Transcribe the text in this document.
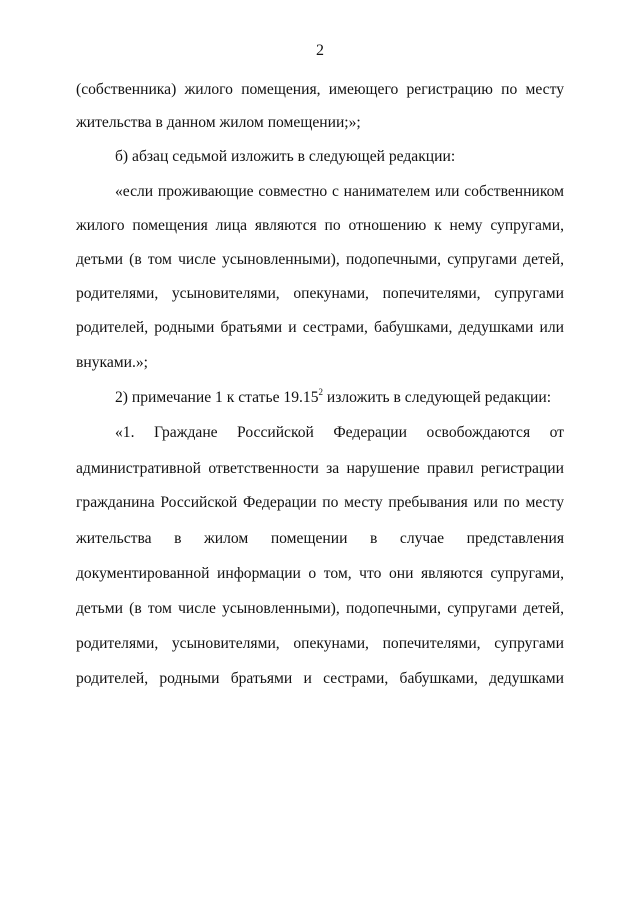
2
(собственника) жилого помещения, имеющего регистрацию по месту
жительства в данном жилом помещении;»;
б) абзац седьмой изложить в следующей редакции:
«если проживающие совместно с нанимателем или собственником
жилого помещения лица являются по отношению к нему супругами,
детьми (в том числе усыновленными), подопечными, супругами детей,
родителями, усыновителями, опекунами, попечителями, супругами
родителей, родными братьями и сестрами, бабушками, дедушками или
внуками.»;
2) примечание 1 к статье 19.15$^2$ изложить в следующей редакции:
«1. Граждане Российской Федерации освобождаются от
административной ответственности за нарушение правил регистрации
гражданина Российской Федерации по месту пребывания или по месту
жительства в жилом помещении в случае представления
документированной информации о том, что они являются супругами,
детьми (в том числе усыновленными), подопечными, супругами детей,
родителями, усыновителями, опекунами, попечителями, супругами
родителей, родными братьями и сестрами, бабушками, дедушками
